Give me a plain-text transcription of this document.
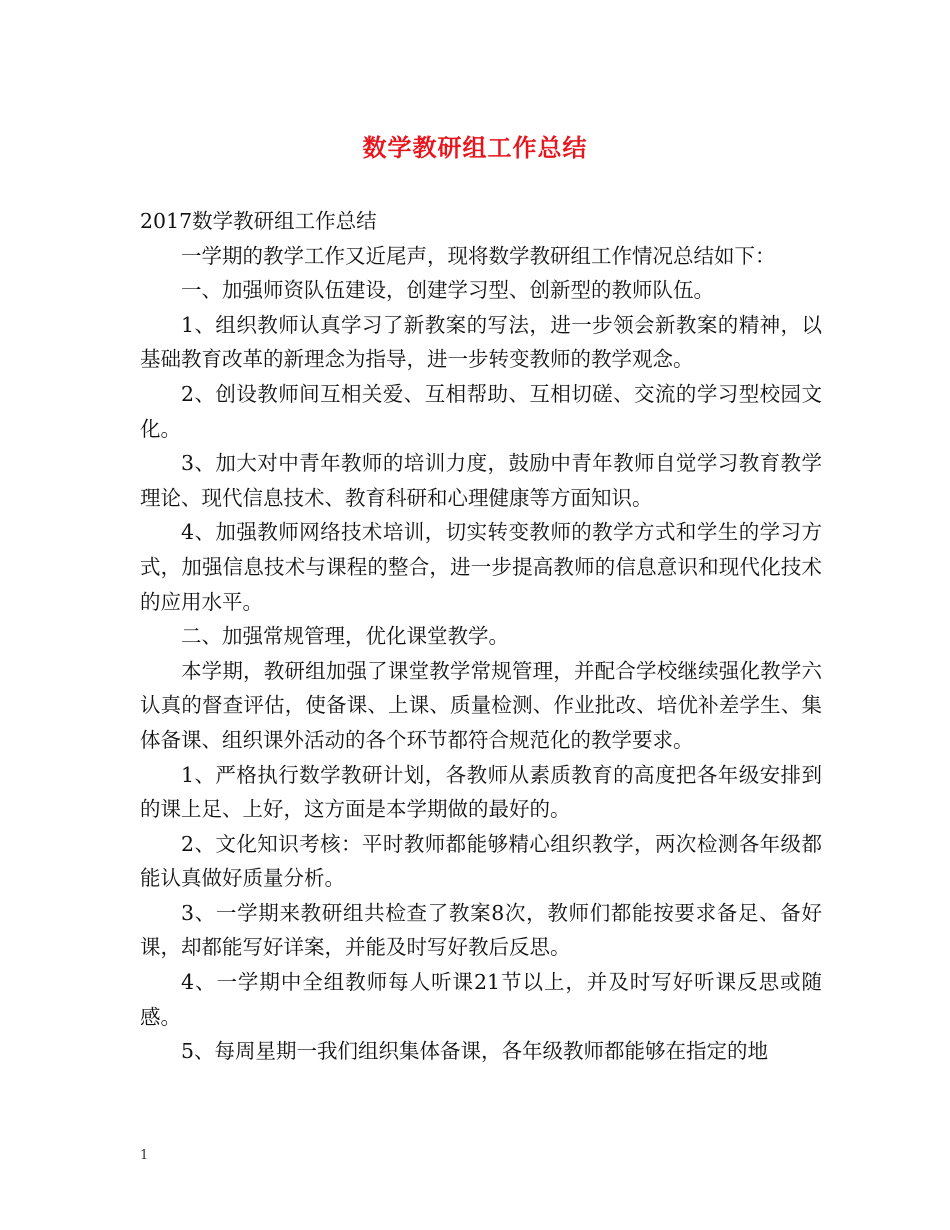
数学教研组工作总结

2017数学教研组工作总结

一学期的教学工作又近尾声，现将数学教研组工作情况总结如下：

一、加强师资队伍建设，创建学习型、创新型的教师队伍。

1、组织教师认真学习了新教案的写法，进一步领会新教案的精神，以基础教育改革的新理念为指导，进一步转变教师的教学观念。

2、创设教师间互相关爱、互相帮助、互相切磋、交流的学习型校园文化。

3、加大对中青年教师的培训力度，鼓励中青年教师自觉学习教育教学理论、现代信息技术、教育科研和心理健康等方面知识。

4、加强教师网络技术培训，切实转变教师的教学方式和学生的学习方式，加强信息技术与课程的整合，进一步提高教师的信息意识和现代化技术的应用水平。

二、加强常规管理，优化课堂教学。

本学期，教研组加强了课堂教学常规管理，并配合学校继续强化教学六认真的督查评估，使备课、上课、质量检测、作业批改、培优补差学生、集体备课、组织课外活动的各个环节都符合规范化的教学要求。

1、严格执行数学教研计划，各教师从素质教育的高度把各年级安排到的课上足、上好，这方面是本学期做的最好的。

2、文化知识考核：平时教师都能够精心组织教学，两次检测各年级都能认真做好质量分析。

3、一学期来教研组共检查了教案8次，教师们都能按要求备足、备好课，却都能写好详案，并能及时写好教后反思。

4、一学期中全组教师每人听课21节以上，并及时写好听课反思或随感。

5、每周星期一我们组织集体备课，各年级教师都能够在指定的地

1
